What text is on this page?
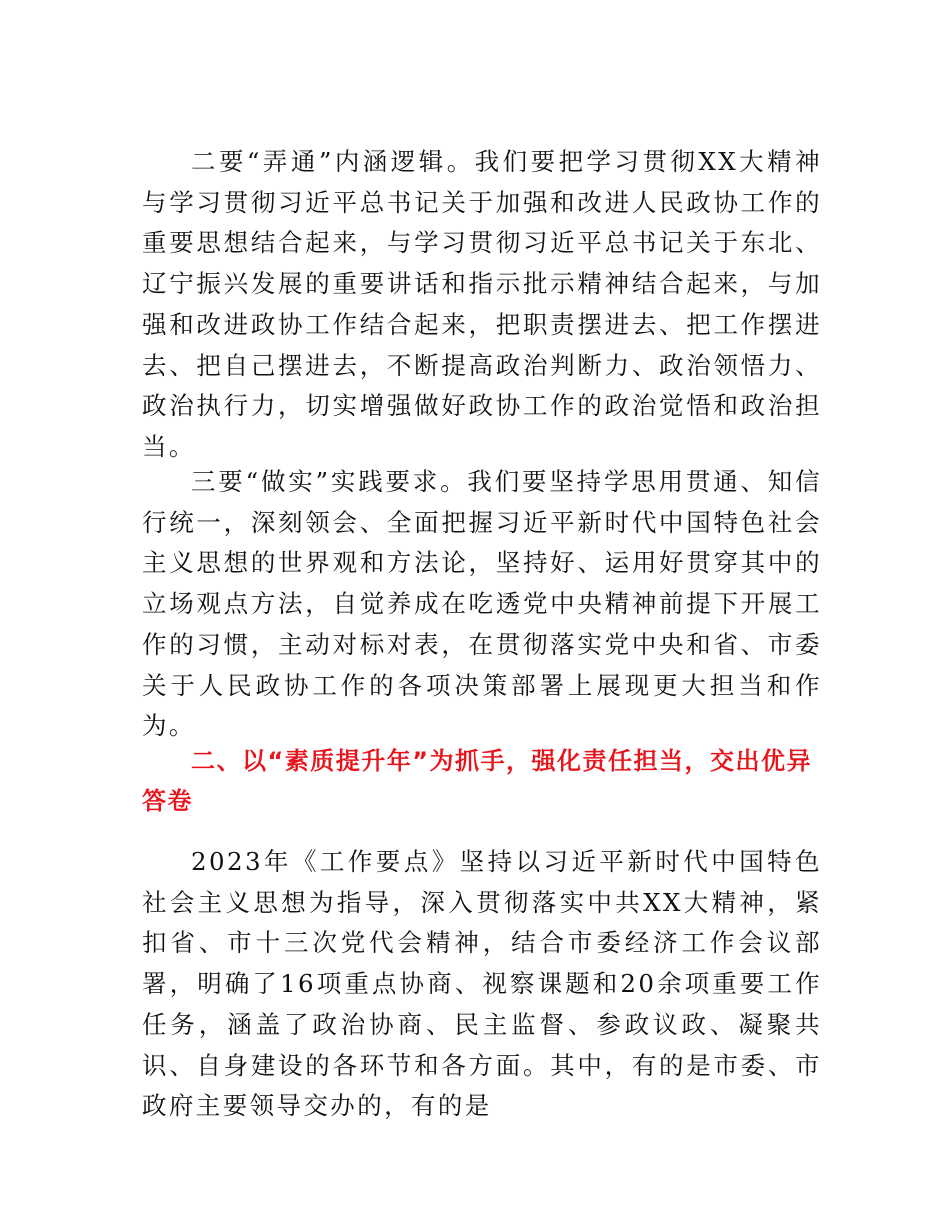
二要“弄通”内涵逻辑。我们要把学习贯彻XX大精神与学习贯彻习近平总书记关于加强和改进人民政协工作的重要思想结合起来，与学习贯彻习近平总书记关于东北、辽宁振兴发展的重要讲话和指示批示精神结合起来，与加强和改进政协工作结合起来，把职责摆进去、把工作摆进去、把自己摆进去，不断提高政治判断力、政治领悟力、政治执行力，切实增强做好政协工作的政治觉悟和政治担当。

三要“做实”实践要求。我们要坚持学思用贯通、知信行统一，深刻领会、全面把握习近平新时代中国特色社会主义思想的世界观和方法论，坚持好、运用好贯穿其中的立场观点方法，自觉养成在吃透党中央精神前提下开展工作的习惯，主动对标对表，在贯彻落实党中央和省、市委关于人民政协工作的各项决策部署上展现更大担当和作为。

二、以“素质提升年”为抓手，强化责任担当，交出优异答卷

2023年《工作要点》坚持以习近平新时代中国特色社会主义思想为指导，深入贯彻落实中共XX大精神，紧扣省、市十三次党代会精神，结合市委经济工作会议部署，明确了16项重点协商、视察课题和20余项重要工作任务，涵盖了政治协商、民主监督、参政议政、凝聚共识、自身建设的各环节和各方面。其中，有的是市委、市政府主要领导交办的，有的是
